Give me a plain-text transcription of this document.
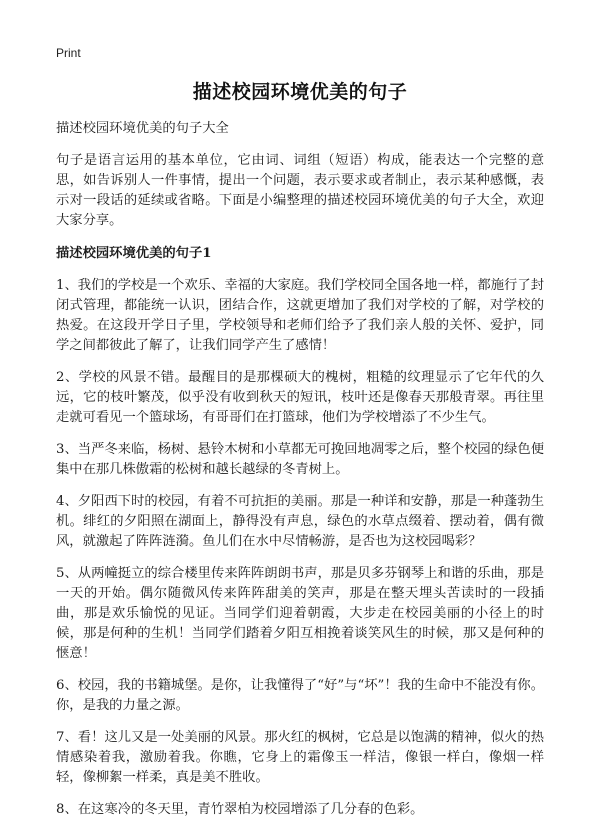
Print
描述校园环境优美的句子

描述校园环境优美的句子大全

句子是语言运用的基本单位，它由词、词组（短语）构成，能表达一个完整的意思，如告诉别人一件事情，提出一个问题，表示要求或者制止，表示某种感慨，表示对一段话的延续或省略。下面是小编整理的描述校园环境优美的句子大全，欢迎大家分享。

描述校园环境优美的句子1

1、我们的学校是一个欢乐、幸福的大家庭。我们学校同全国各地一样，都施行了封闭式管理，都能统一认识，团结合作，这就更增加了我们对学校的了解，对学校的热爱。在这段开学日子里，学校领导和老师们给予了我们亲人般的关怀、爱护，同学之间都彼此了解了，让我们同学产生了感情！

2、学校的风景不错。最醒目的是那棵硕大的槐树，粗糙的纹理显示了它年代的久远，它的枝叶繁茂，似乎没有收到秋天的短讯，枝叶还是像春天那般青翠。再往里走就可看见一个篮球场，有哥哥们在打篮球，他们为学校增添了不少生气。

3、当严冬来临，杨树、悬铃木树和小草都无可挽回地凋零之后，整个校园的绿色便集中在那几株傲霜的松树和越长越绿的冬青树上。

4、夕阳西下时的校园，有着不可抗拒的美丽。那是一种详和安静，那是一种蓬勃生机。绯红的夕阳照在湖面上，静得没有声息，绿色的水草点缀着、摆动着，偶有微风，就激起了阵阵涟漪。鱼儿们在水中尽情畅游，是否也为这校园喝彩？

5、从两幢挺立的综合楼里传来阵阵朗朗书声，那是贝多芬钢琴上和谐的乐曲，那是一天的开始。偶尔随微风传来阵阵甜美的笑声，那是在整天埋头苦读时的一段插曲，那是欢乐愉悦的见证。当同学们迎着朝霞，大步走在校园美丽的小径上的时候，那是何种的生机！当同学们踏着夕阳互相挽着谈笑风生的时候，那又是何种的惬意！

6、校园，我的书籍城堡。是你，让我懂得了“好”与“坏”！我的生命中不能没有你。你，是我的力量之源。

7、看！这儿又是一处美丽的风景。那火红的枫树，它总是以饱满的精神，似火的热情感染着我，激励着我。你瞧，它身上的霜像玉一样洁，像银一样白，像烟一样轻，像柳絮一样柔，真是美不胜收。

8、在这寒冷的冬天里，青竹翠柏为校园增添了几分春的色彩。
